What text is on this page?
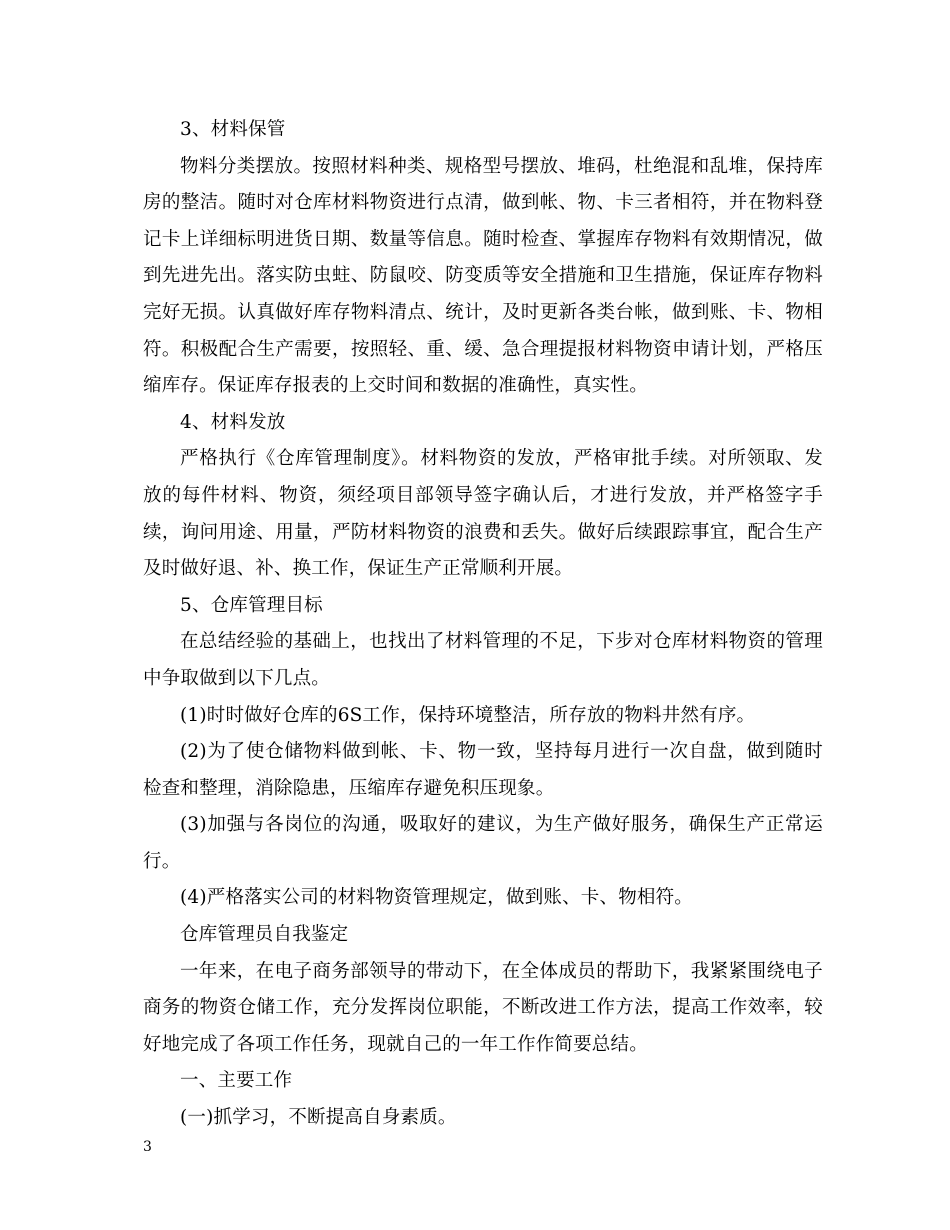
3、材料保管

物料分类摆放。按照材料种类、规格型号摆放、堆码，杜绝混和乱堆，保持库房的整洁。随时对仓库材料物资进行点清，做到帐、物、卡三者相符，并在物料登记卡上详细标明进货日期、数量等信息。随时检查、掌握库存物料有效期情况，做到先进先出。落实防虫蛀、防鼠咬、防变质等安全措施和卫生措施，保证库存物料完好无损。认真做好库存物料清点、统计，及时更新各类台帐，做到账、卡、物相符。积极配合生产需要，按照轻、重、缓、急合理提报材料物资申请计划，严格压缩库存。保证库存报表的上交时间和数据的准确性，真实性。

4、材料发放

严格执行《仓库管理制度》。材料物资的发放，严格审批手续。对所领取、发放的每件材料、物资，须经项目部领导签字确认后，才进行发放，并严格签字手续，询问用途、用量，严防材料物资的浪费和丢失。做好后续跟踪事宜，配合生产及时做好退、补、换工作，保证生产正常顺利开展。

5、仓库管理目标

在总结经验的基础上，也找出了材料管理的不足，下步对仓库材料物资的管理中争取做到以下几点。

(1)时时做好仓库的6S工作，保持环境整洁，所存放的物料井然有序。

(2)为了使仓储物料做到帐、卡、物一致，坚持每月进行一次自盘，做到随时检查和整理，消除隐患，压缩库存避免积压现象。

(3)加强与各岗位的沟通，吸取好的建议，为生产做好服务，确保生产正常运行。

(4)严格落实公司的材料物资管理规定，做到账、卡、物相符。

仓库管理员自我鉴定

一年来，在电子商务部领导的带动下，在全体成员的帮助下，我紧紧围绕电子商务的物资仓储工作，充分发挥岗位职能，不断改进工作方法，提高工作效率，较好地完成了各项工作任务，现就自己的一年工作作简要总结。

一、主要工作

(一)抓学习，不断提高自身素质。

3
